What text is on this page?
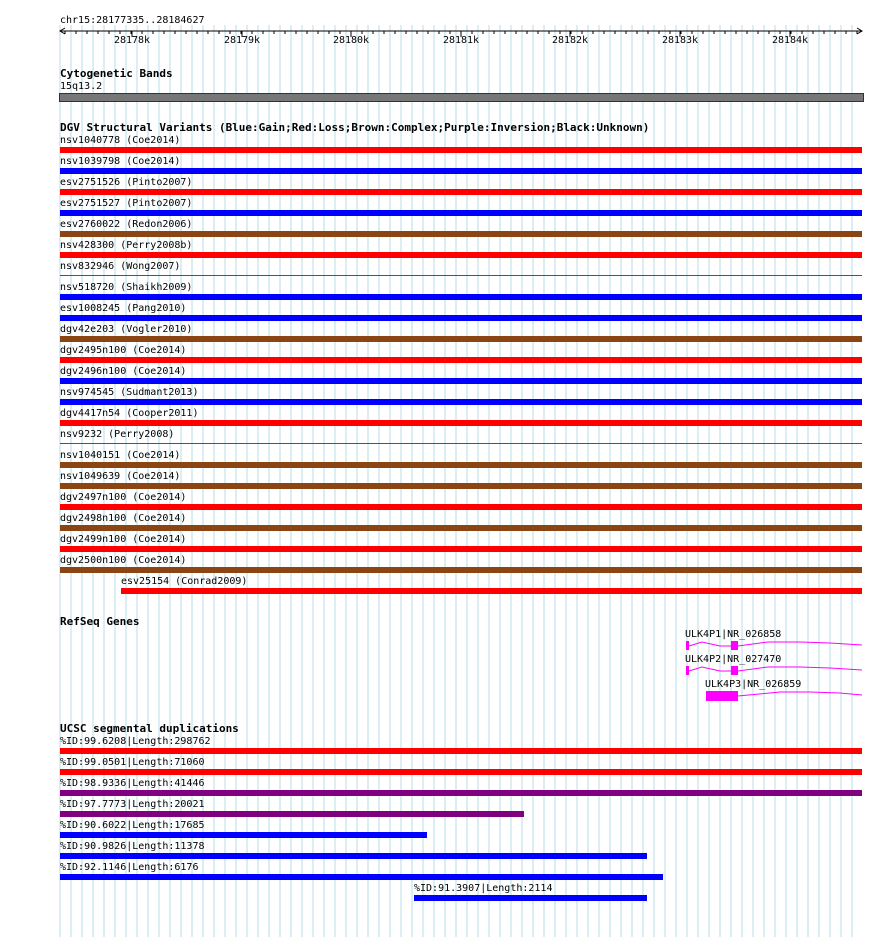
chr15:28177335..28184627
28178k	28179k	28180k	28181k	28182k	28183k	28184k
Cytogenetic Bands
15q13.2
DGV Structural Variants (Blue:Gain;Red:Loss;Brown:Complex;Purple:Inversion;Black:Unknown)
nsv1040778 (Coe2014)
nsv1039798 (Coe2014)
esv2751526 (Pinto2007)
esv2751527 (Pinto2007)
esv2760022 (Redon2006)
nsv428300 (Perry2008b)
nsv832946 (Wong2007)
nsv518720 (Shaikh2009)
esv1008245 (Pang2010)
dgv42e203 (Vogler2010)
dgv2495n100 (Coe2014)
dgv2496n100 (Coe2014)
nsv974545 (Sudmant2013)
dgv4417n54 (Cooper2011)
nsv9232 (Perry2008)
nsv1040151 (Coe2014)
nsv1049639 (Coe2014)
dgv2497n100 (Coe2014)
dgv2498n100 (Coe2014)
dgv2499n100 (Coe2014)
dgv2500n100 (Coe2014)
esv25154 (Conrad2009)
RefSeq Genes
ULK4P1|NR_026858
ULK4P2|NR_027470
ULK4P3|NR_026859
UCSC segmental duplications
%ID:99.6208|Length:298762
%ID:99.0501|Length:71060
%ID:98.9336|Length:41446
%ID:97.7773|Length:20021
%ID:90.6022|Length:17685
%ID:90.9826|Length:11378
%ID:92.1146|Length:6176
%ID:91.3907|Length:2114
